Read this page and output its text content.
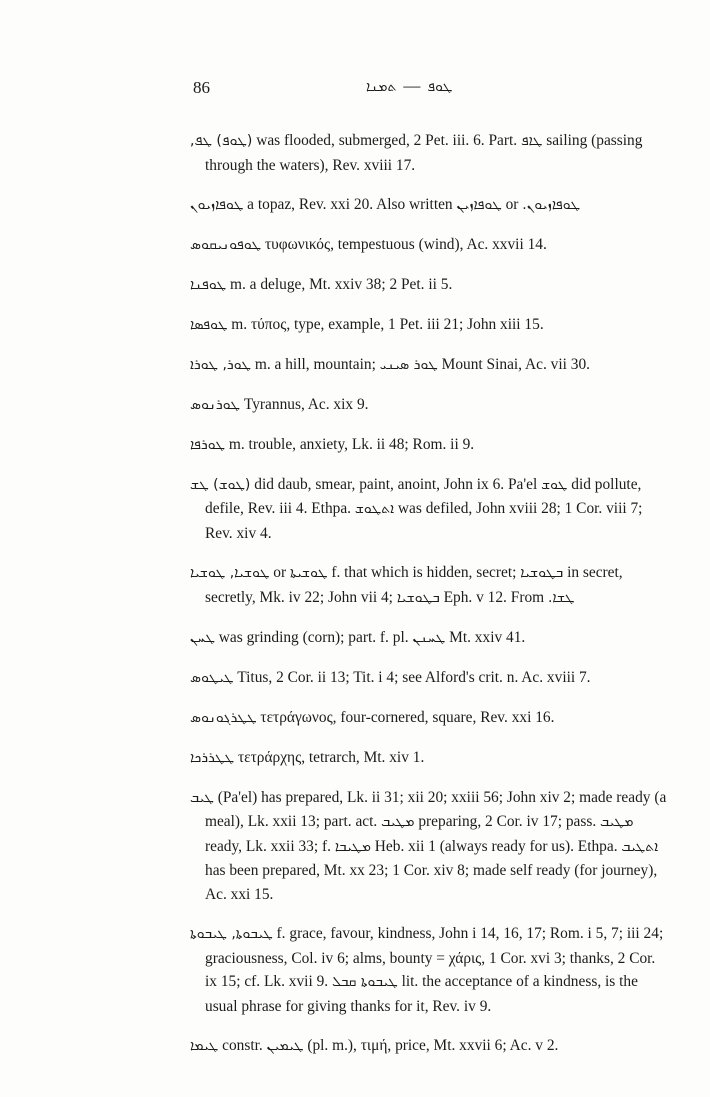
86	ܛܘܦ—ܬܡܢܐ

(ܛܘܦ) ܛܦ, was flooded, submerged, 2 Pet. iii. 6. Part. ܛܐܦ sailing (passing through the waters), Rev. xviii 17.

ܛܘܦܐܙܝܘܢ a topaz, Rev. xxi 20. Also written ܛܘܦܐܙܝܢ or ܛܘܦܐܙܝܘܢ.

ܛܘܦܘܢܝܩܘܣ τυφωνικός, tempestuous (wind), Ac. xxvii 14.

ܛܘܦܢܐ m. a deluge, Mt. xxiv 38; 2 Pet. ii 5.

ܛܘܦܣܐ m. τύπος, type, example, 1 Pet. iii 21; John xiii 15.

ܛܘܪ, ܛܘܪܐ m. a hill, mountain; ܛܘܪ ܣܝܢܝ Mount Sinai, Ac. vii 30.

ܛܘܪܢܘܣ Tyrannus, Ac. xix 9.

ܛܘܪܦܐ m. trouble, anxiety, Lk. ii 48; Rom. ii 9.

(ܛܘܫ) ܛܫ did daub, smear, paint, anoint, John ix 6. Pa'el ܛܘܫ did pollute, defile, Rev. iii 4. Ethpa. ܐܬܛܘܫ was defiled, John xviii 28; 1 Cor. viii 7; Rev. xiv 4.

ܛܘܫܝܐ, ܛܘܫܝܐ or ܛܘܫܝܬܐ f. that which is hidden, secret; ܒܛܘܫܝܐ in secret, secretly, Mk. iv 22; John vii 4; ܒܛܘܫܝܐ Eph. v 12. From ܛܫܐ.

ܛܚܢ was grinding (corn); part. f. pl. ܛܚܢܢ Mt. xxiv 41.

ܛܝܛܘܣ Titus, 2 Cor. ii 13; Tit. i 4; see Alford's crit. n. Ac. xviii 7.

ܛܛܪܓܘܢܘܣ τετράγωνος, four-cornered, square, Rev. xxi 16.

ܛܛܪܪܟܐ τετράρχης, tetrarch, Mt. xiv 1.

ܛܝܒ (Pa'el) has prepared, Lk. ii 31; xii 20; xxiii 56; John xiv 2; made ready (a meal), Lk. xxii 13; part. act. ܡܛܝܒ preparing, 2 Cor. iv 17; pass. ܡܛܝܒ ready, Lk. xxii 33; f. ܡܛܝܒܐ Heb. xii 1 (always ready for us). Ethpa. ܐܬܛܝܒ has been prepared, Mt. xx 23; 1 Cor. xiv 8; made self ready (for journey), Ac. xxi 15.

ܛܝܒܘܬܐ, ܛܝܒܘܬܐ f. grace, favour, kindness, John i 14, 16, 17; Rom. i 5, 7; iii 24; graciousness, Col. iv 6; alms, bounty = χάρις, 1 Cor. xvi 3; thanks, 2 Cor. ix 15; cf. Lk. xvii 9. ܛܝܒܘܬܐ ܩܒܠ lit. the acceptance of a kindness, is the usual phrase for giving thanks for it, Rev. iv 9.

ܛܝܡܐ constr. ܛܝܡܝܢ (pl. m.), τιμή, price, Mt. xxvii 6; Ac. v 2.
